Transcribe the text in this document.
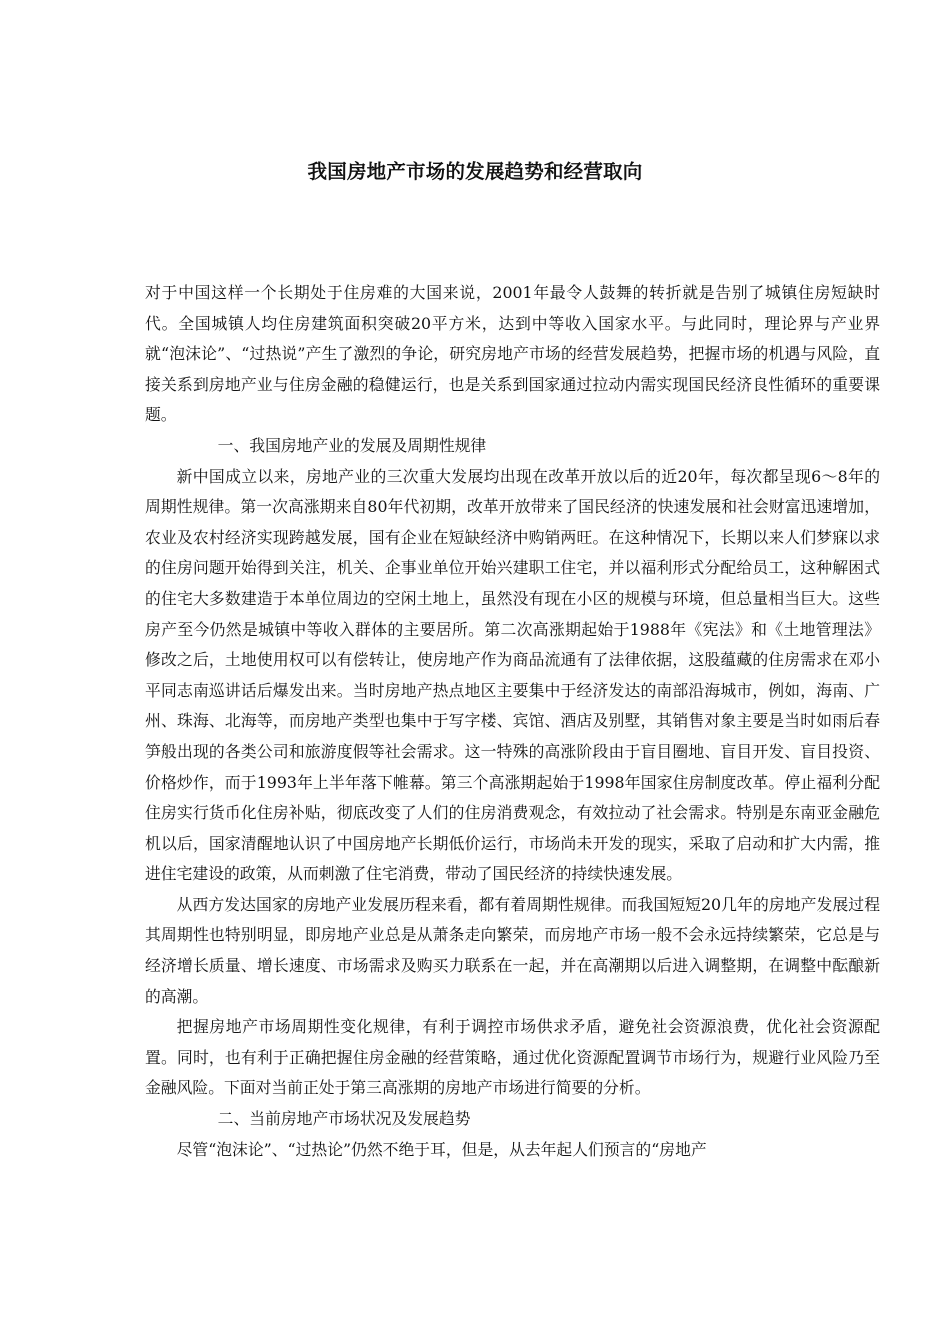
我国房地产市场的发展趋势和经营取向

对于中国这样一个长期处于住房难的大国来说，2001年最令人鼓舞的转折就是告别了城镇住房短缺时代。全国城镇人均住房建筑面积突破20平方米，达到中等收入国家水平。与此同时，理论界与产业界就“泡沫论”、“过热说”产生了激烈的争论，研究房地产市场的经营发展趋势，把握市场的机遇与风险，直接关系到房地产业与住房金融的稳健运行，也是关系到国家通过拉动内需实现国民经济良性循环的重要课题。

一、我国房地产业的发展及周期性规律

新中国成立以来，房地产业的三次重大发展均出现在改革开放以后的近20年，每次都呈现6～8年的周期性规律。第一次高涨期来自80年代初期，改革开放带来了国民经济的快速发展和社会财富迅速增加，农业及农村经济实现跨越发展，国有企业在短缺经济中购销两旺。在这种情况下，长期以来人们梦寐以求的住房问题开始得到关注，机关、企事业单位开始兴建职工住宅，并以福利形式分配给员工，这种解困式的住宅大多数建造于本单位周边的空闲土地上，虽然没有现在小区的规模与环境，但总量相当巨大。这些房产至今仍然是城镇中等收入群体的主要居所。第二次高涨期起始于1988年《宪法》和《土地管理法》修改之后，土地使用权可以有偿转让，使房地产作为商品流通有了法律依据，这股蕴藏的住房需求在邓小平同志南巡讲话后爆发出来。当时房地产热点地区主要集中于经济发达的南部沿海城市，例如，海南、广州、珠海、北海等，而房地产类型也集中于写字楼、宾馆、酒店及别墅，其销售对象主要是当时如雨后春笋般出现的各类公司和旅游度假等社会需求。这一特殊的高涨阶段由于盲目圈地、盲目开发、盲目投资、价格炒作，而于1993年上半年落下帷幕。第三个高涨期起始于1998年国家住房制度改革。停止福利分配住房实行货币化住房补贴，彻底改变了人们的住房消费观念，有效拉动了社会需求。特别是东南亚金融危机以后，国家清醒地认识了中国房地产长期低价运行，市场尚未开发的现实，采取了启动和扩大内需，推进住宅建设的政策，从而刺激了住宅消费，带动了国民经济的持续快速发展。

从西方发达国家的房地产业发展历程来看，都有着周期性规律。而我国短短20几年的房地产发展过程其周期性也特别明显，即房地产业总是从萧条走向繁荣，而房地产市场一般不会永远持续繁荣，它总是与经济增长质量、增长速度、市场需求及购买力联系在一起，并在高潮期以后进入调整期，在调整中酝酿新的高潮。

把握房地产市场周期性变化规律，有利于调控市场供求矛盾，避免社会资源浪费，优化社会资源配置。同时，也有利于正确把握住房金融的经营策略，通过优化资源配置调节市场行为，规避行业风险乃至金融风险。下面对当前正处于第三高涨期的房地产市场进行简要的分析。

二、当前房地产市场状况及发展趋势

尽管“泡沫论”、“过热论”仍然不绝于耳，但是，从去年起人们预言的“房地产
